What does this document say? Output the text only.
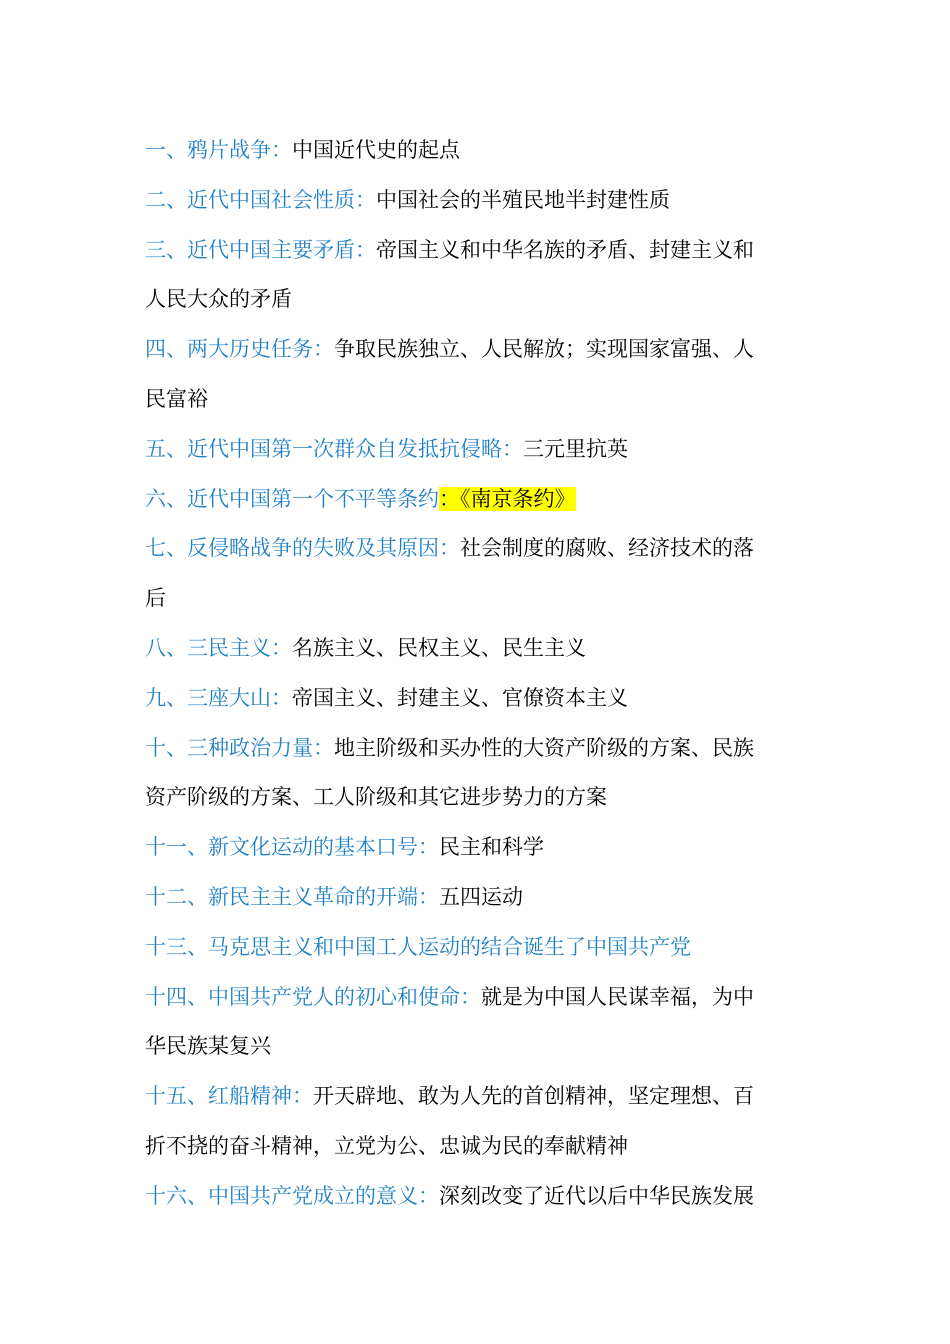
一、鸦片战争：中国近代史的起点
二、近代中国社会性质：中国社会的半殖民地半封建性质
三、近代中国主要矛盾：帝国主义和中华名族的矛盾、封建主义和
人民大众的矛盾
四、两大历史任务：争取民族独立、人民解放；实现国家富强、人
民富裕
五、近代中国第一次群众自发抵抗侵略：三元里抗英
六、近代中国第一个不平等条约：《南京条约》
七、反侵略战争的失败及其原因：社会制度的腐败、经济技术的落
后
八、三民主义：名族主义、民权主义、民生主义
九、三座大山：帝国主义、封建主义、官僚资本主义
十、三种政治力量：地主阶级和买办性的大资产阶级的方案、民族
资产阶级的方案、工人阶级和其它进步势力的方案
十一、新文化运动的基本口号：民主和科学
十二、新民主主义革命的开端：五四运动
十三、马克思主义和中国工人运动的结合诞生了中国共产党
十四、中国共产党人的初心和使命：就是为中国人民谋幸福，为中
华民族某复兴
十五、红船精神：开天辟地、敢为人先的首创精神，坚定理想、百
折不挠的奋斗精神，立党为公、忠诚为民的奉献精神
十六、中国共产党成立的意义：深刻改变了近代以后中华民族发展
